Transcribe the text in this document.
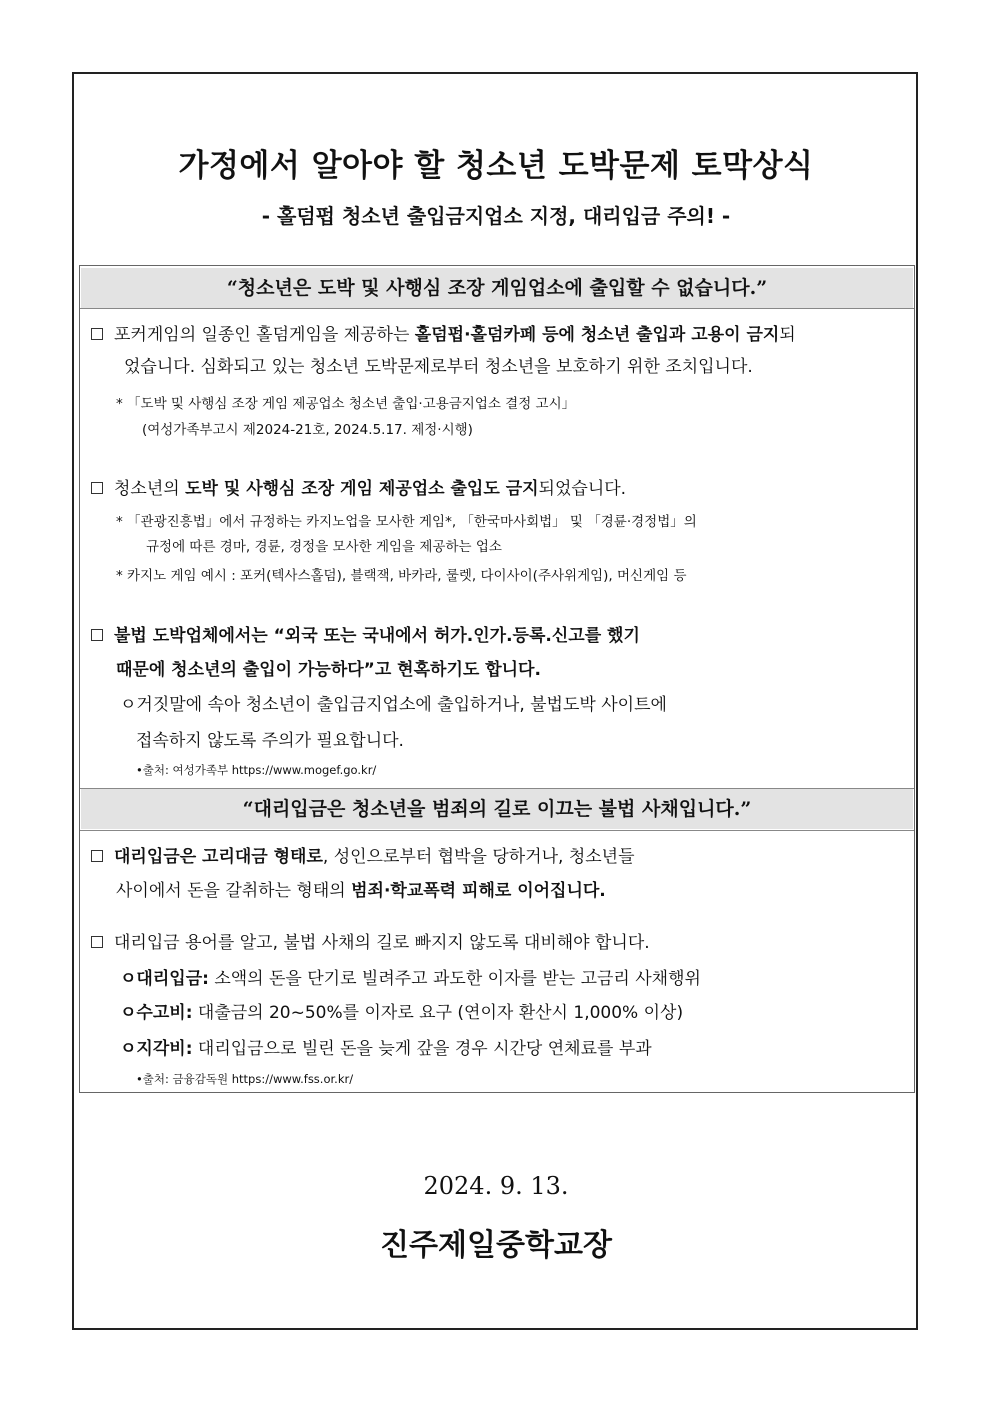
가정에서 알아야 할 청소년 도박문제 토막상식
- 홀덤펍 청소년 출입금지업소 지정, 대리입금 주의! -
“청소년은 도박 및 사행심 조장 게임업소에 출입할 수 없습니다.”
포커게임의 일종인 홀덤게임을 제공하는 홀덤펍·홀덤카페 등에 청소년 출입과 고용이 금지되
었습니다. 심화되고 있는 청소년 도박문제로부터 청소년을 보호하기 위한 조치입니다.
* 「도박 및 사행심 조장 게임 제공업소 청소년 출입·고용금지업소 결정 고시」
(여성가족부고시 제2024-21호, 2024.5.17. 제정·시행)
청소년의 도박 및 사행심 조장 게임 제공업소 출입도 금지되었습니다.
* 「관광진흥법」에서 규정하는 카지노업을 모사한 게임*, 「한국마사회법」 및 「경륜·경정법」의
규정에 따른 경마, 경륜, 경정을 모사한 게임을 제공하는 업소
* 카지노 게임 예시 : 포커(텍사스홀덤), 블랙잭, 바카라, 룰렛, 다이사이(주사위게임), 머신게임 등
불법 도박업체에서는 “외국 또는 국내에서 허가.인가.등록.신고를 했기
때문에 청소년의 출입이 가능하다”고 현혹하기도 합니다.
ㅇ거짓말에 속아 청소년이 출입금지업소에 출입하거나, 불법도박 사이트에
접속하지 않도록 주의가 필요합니다.
•출처: 여성가족부 https://www.mogef.go.kr/
“대리입금은 청소년을 범죄의 길로 이끄는 불법 사채입니다.”
대리입금은 고리대금 형태로, 성인으로부터 협박을 당하거나, 청소년들
사이에서 돈을 갈취하는 형태의 범죄·학교폭력 피해로 이어집니다.
대리입금 용어를 알고, 불법 사채의 길로 빠지지 않도록 대비해야 합니다.
ㅇ대리입금: 소액의 돈을 단기로 빌려주고 과도한 이자를 받는 고금리 사채행위
ㅇ수고비: 대출금의 20~50%를 이자로 요구 (연이자 환산시 1,000% 이상)
ㅇ지각비: 대리입금으로 빌린 돈을 늦게 갚을 경우 시간당 연체료를 부과
•출처: 금융감독원 https://www.fss.or.kr/
2024. 9. 13.
진주제일중학교장
